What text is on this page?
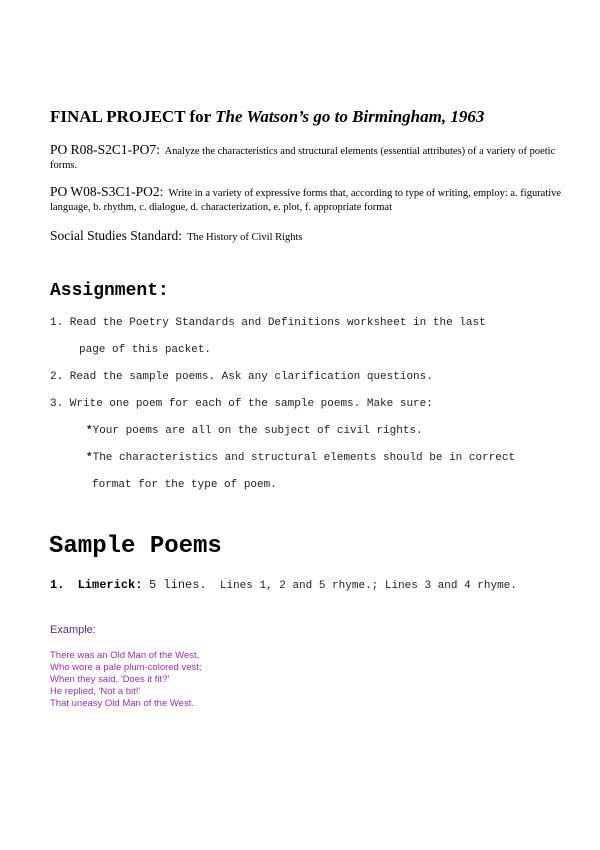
FINAL PROJECT for The Watson’s go to Birmingham, 1963
PO R08-S2C1-PO7: Analyze the characteristics and structural elements (essential attributes) of a variety of poetic forms.
PO W08-S3C1-PO2: Write in a variety of expressive forms that, according to type of writing, employ: a. figurative language, b. rhythm, c. dialogue, d. characterization, e. plot, f. appropriate format
Social Studies Standard: The History of Civil Rights
Assignment:
1. Read the Poetry Standards and Definitions worksheet in the last
page of this packet.
2. Read the sample poems. Ask any clarification questions.
3. Write one poem for each of the sample poems. Make sure:
*Your poems are all on the subject of civil rights.
*The characteristics and structural elements should be in correct
format for the type of poem.
Sample Poems
1. Limerick: 5 lines. Lines 1, 2 and 5 rhyme.; Lines 3 and 4 rhyme.
Example:
There was an Old Man of the West,
Who wore a pale plum-colored vest;
When they said, 'Does it fit?'
He replied, 'Not a bit!'
That uneasy Old Man of the West.
